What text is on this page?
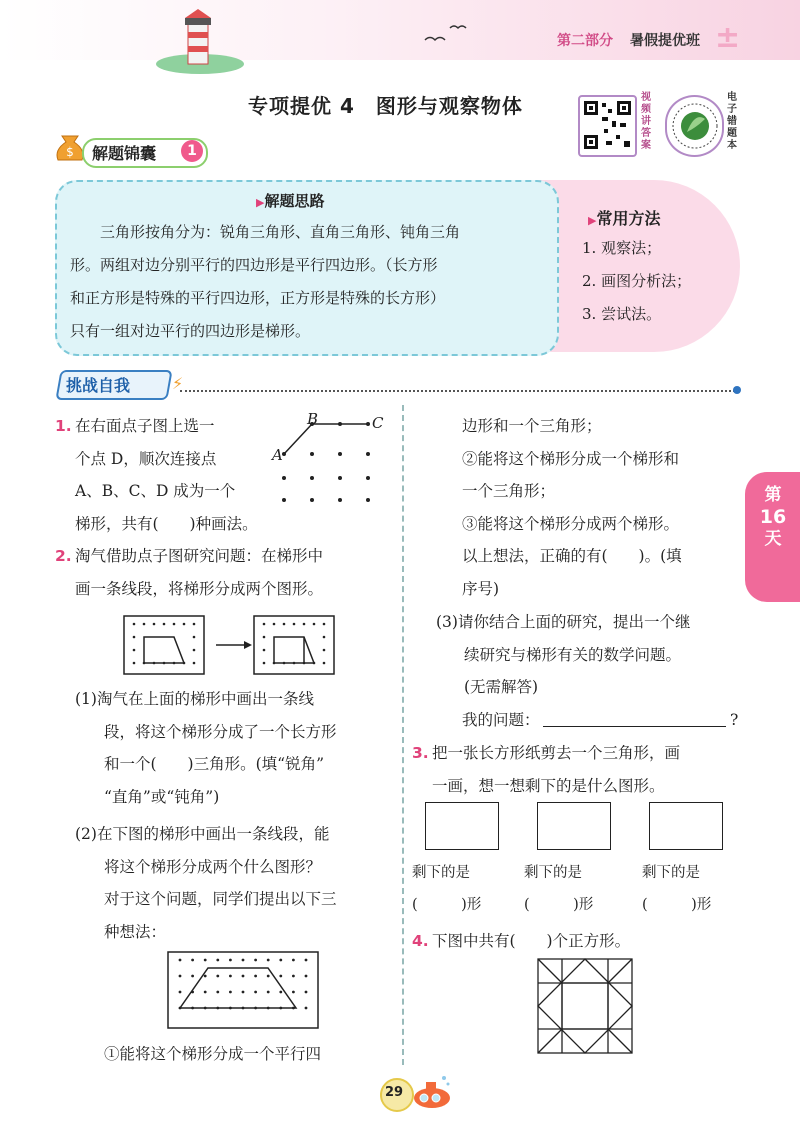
第二部分 暑假提优班 ±
专项提优 4　图形与观察物体	视频讲答案
电子错题本
$ 解题锦囊	1
▶解题思路
三角形按角分为：锐角三角形、直角三角形、钝角三角
形。两组对边分别平行的四边形是平行四边形。（长方形
和正方形是特殊的平行四边形，正方形是特殊的长方形）
只有一组对边平行的四边形是梯形。
▶常用方法
1. 观察法；
2. 画图分析法；
3. 尝试法。
挑战自我	⚡
1. 在右面点子图上选一
个点 D，顺次连接点
A、B、C、D 成为一个
梯形，共有(　　)种画法。
B	C
A
2. 淘气借助点子图研究问题：在梯形中
画一条线段，将梯形分成两个图形。
(1)淘气在上面的梯形中画出一条线
段，将这个梯形分成了一个长方形
和一个(　　)三角形。(填“锐角”
“直角”或“钝角”)
(2)在下图的梯形中画出一条线段，能
将这个梯形分成两个什么图形？
对于这个问题，同学们提出以下三
种想法：
①能将这个梯形分成一个平行四
边形和一个三角形；
②能将这个梯形分成一个梯形和
一个三角形；
③能将这个梯形分成两个梯形。
以上想法，正确的有(　　)。(填
序号)
(3)请你结合上面的研究，提出一个继
续研究与梯形有关的数学问题。
(无需解答)
我的问题：	?
3. 把一张长方形纸剪去一个三角形，画
一画，想一想剩下的是什么图形。
剩下的是	剩下的是	剩下的是
(　　　)形	(　　　)形	(　　　)形
4. 下图中共有(　　)个正方形。
第
16
天
29
